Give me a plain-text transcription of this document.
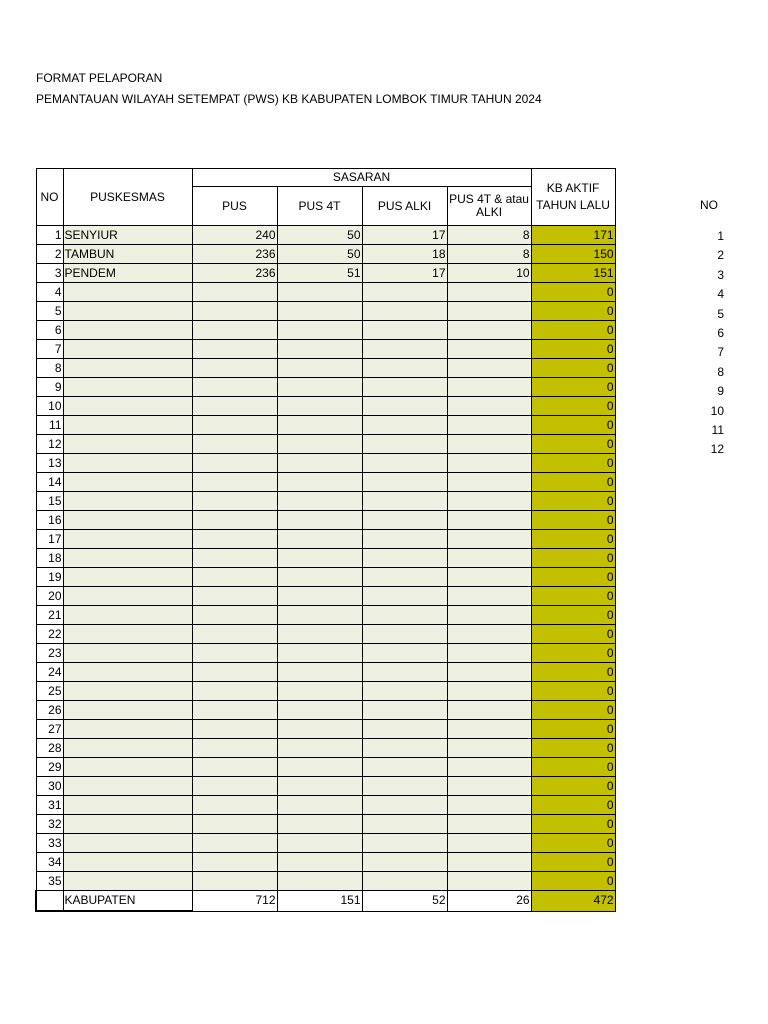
FORMAT PELAPORAN
PEMANTAUAN WILAYAH SETEMPAT (PWS) KB KABUPATEN LOMBOK TIMUR TAHUN 2024
NO	PUSKESMAS	SASARAN				KB AKTIF TAHUN LALU
		PUS	PUS 4T	PUS ALKI	PUS 4T & atau ALKI	
1	SENYIUR	240	50	17	8	171
2	TAMBUN	236	50	18	8	150
3	PENDEM	236	51	17	10	151
4						0
5						0
6						0
7						0
8						0
9						0
10						0
11						0
12						0
13						0
14						0
15						0
16						0
17						0
18						0
19						0
20						0
21						0
22						0
23						0
24						0
25						0
26						0
27						0
28						0
29						0
30						0
31						0
32						0
33						0
34						0
35						0
	KABUPATEN	712	151	52	26	472
NO
1
2
3
4
5
6
7
8
9
10
11
12
